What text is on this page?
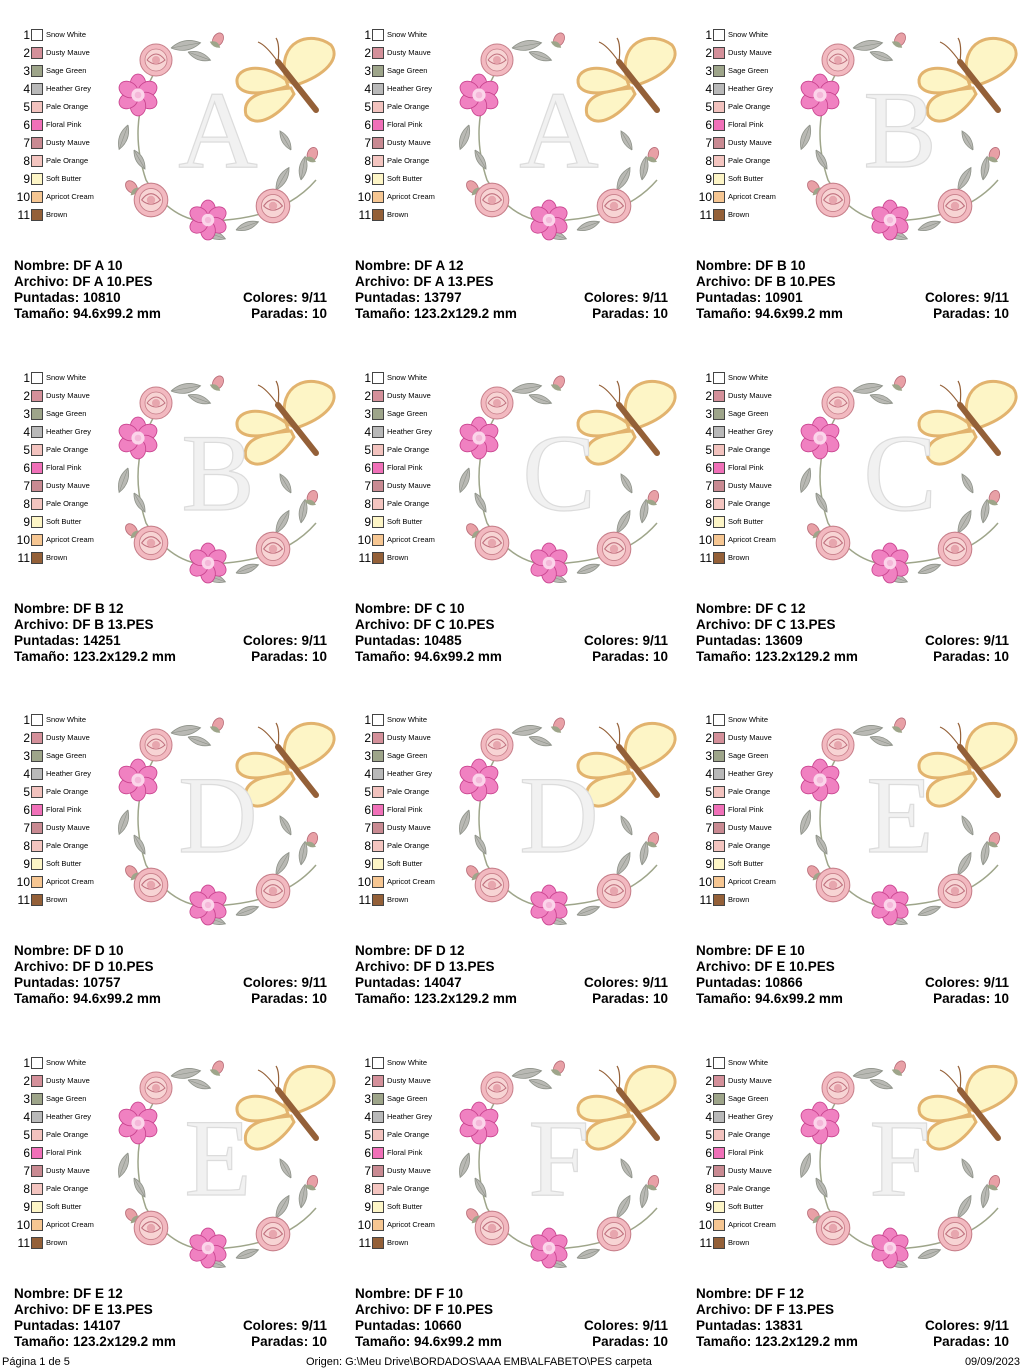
1 Snow White
2 Dusty Mauve
3 Sage Green
4 Heather Grey
5 Pale Orange
6 Floral Pink
7 Dusty Mauve
8 Pale Orange
9 Soft Butter
10 Apricot Cream
11 Brown
A
Nombre: DF A 10
Archivo: DF A 10.PES
Puntadas: 10810	Colores: 9/11
Tamaño: 94.6x99.2 mm	Paradas: 10
1 Snow White
2 Dusty Mauve
3 Sage Green
4 Heather Grey
5 Pale Orange
6 Floral Pink
7 Dusty Mauve
8 Pale Orange
9 Soft Butter
10 Apricot Cream
11 Brown
A
Nombre: DF A 12
Archivo: DF A 13.PES
Puntadas: 13797	Colores: 9/11
Tamaño: 123.2x129.2 mm	Paradas: 10
1 Snow White
2 Dusty Mauve
3 Sage Green
4 Heather Grey
5 Pale Orange
6 Floral Pink
7 Dusty Mauve
8 Pale Orange
9 Soft Butter
10 Apricot Cream
11 Brown
B
Nombre: DF B 10
Archivo: DF B 10.PES
Puntadas: 10901	Colores: 9/11
Tamaño: 94.6x99.2 mm	Paradas: 10
1 Snow White
2 Dusty Mauve
3 Sage Green
4 Heather Grey
5 Pale Orange
6 Floral Pink
7 Dusty Mauve
8 Pale Orange
9 Soft Butter
10 Apricot Cream
11 Brown
B
Nombre: DF B 12
Archivo: DF B 13.PES
Puntadas: 14251	Colores: 9/11
Tamaño: 123.2x129.2 mm	Paradas: 10
1 Snow White
2 Dusty Mauve
3 Sage Green
4 Heather Grey
5 Pale Orange
6 Floral Pink
7 Dusty Mauve
8 Pale Orange
9 Soft Butter
10 Apricot Cream
11 Brown
C
Nombre: DF C 10
Archivo: DF C 10.PES
Puntadas: 10485	Colores: 9/11
Tamaño: 94.6x99.2 mm	Paradas: 10
1 Snow White
2 Dusty Mauve
3 Sage Green
4 Heather Grey
5 Pale Orange
6 Floral Pink
7 Dusty Mauve
8 Pale Orange
9 Soft Butter
10 Apricot Cream
11 Brown
C
Nombre: DF C 12
Archivo: DF C 13.PES
Puntadas: 13609	Colores: 9/11
Tamaño: 123.2x129.2 mm	Paradas: 10
1 Snow White
2 Dusty Mauve
3 Sage Green
4 Heather Grey
5 Pale Orange
6 Floral Pink
7 Dusty Mauve
8 Pale Orange
9 Soft Butter
10 Apricot Cream
11 Brown
D
Nombre: DF D 10
Archivo: DF D 10.PES
Puntadas: 10757	Colores: 9/11
Tamaño: 94.6x99.2 mm	Paradas: 10
1 Snow White
2 Dusty Mauve
3 Sage Green
4 Heather Grey
5 Pale Orange
6 Floral Pink
7 Dusty Mauve
8 Pale Orange
9 Soft Butter
10 Apricot Cream
11 Brown
D
Nombre: DF D 12
Archivo: DF D 13.PES
Puntadas: 14047	Colores: 9/11
Tamaño: 123.2x129.2 mm	Paradas: 10
1 Snow White
2 Dusty Mauve
3 Sage Green
4 Heather Grey
5 Pale Orange
6 Floral Pink
7 Dusty Mauve
8 Pale Orange
9 Soft Butter
10 Apricot Cream
11 Brown
E
Nombre: DF E 10
Archivo: DF E 10.PES
Puntadas: 10866	Colores: 9/11
Tamaño: 94.6x99.2 mm	Paradas: 10
1 Snow White
2 Dusty Mauve
3 Sage Green
4 Heather Grey
5 Pale Orange
6 Floral Pink
7 Dusty Mauve
8 Pale Orange
9 Soft Butter
10 Apricot Cream
11 Brown
E
Nombre: DF E 12
Archivo: DF E 13.PES
Puntadas: 14107	Colores: 9/11
Tamaño: 123.2x129.2 mm	Paradas: 10
1 Snow White
2 Dusty Mauve
3 Sage Green
4 Heather Grey
5 Pale Orange
6 Floral Pink
7 Dusty Mauve
8 Pale Orange
9 Soft Butter
10 Apricot Cream
11 Brown
F
Nombre: DF F 10
Archivo: DF F 10.PES
Puntadas: 10660	Colores: 9/11
Tamaño: 94.6x99.2 mm	Paradas: 10
1 Snow White
2 Dusty Mauve
3 Sage Green
4 Heather Grey
5 Pale Orange
6 Floral Pink
7 Dusty Mauve
8 Pale Orange
9 Soft Butter
10 Apricot Cream
11 Brown
F
Nombre: DF F 12
Archivo: DF F 13.PES
Puntadas: 13831	Colores: 9/11
Tamaño: 123.2x129.2 mm	Paradas: 10
Página 1 de 5	Origen: G:\Meu Drive\BORDADOS\AAA EMB\ALFABETO\PES carpeta	09/09/2023
